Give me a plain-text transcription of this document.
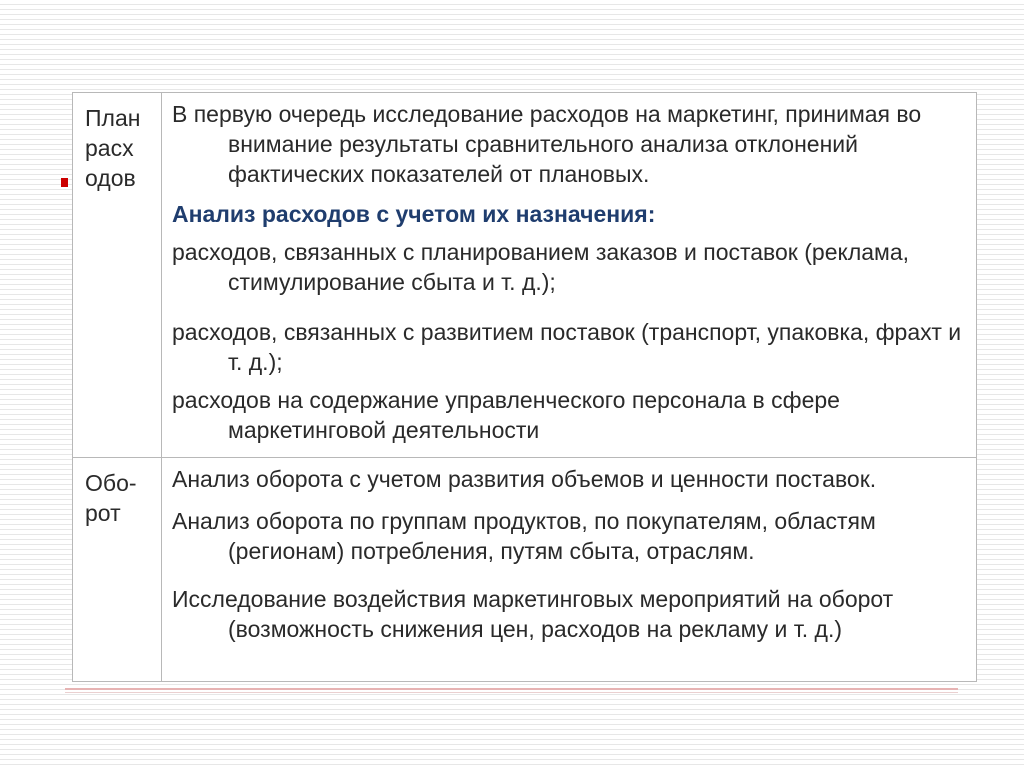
План расх одов	В первую очередь исследование расходов на маркетинг, принимая во внимание результаты сравнительного анализа отклонений фактических показателей от плановых.

Анализ расходов с учетом их назначения:

расходов, связанных с планированием заказов и поставок (реклама, стимулирование сбыта и т. д.);

расходов, связанных с развитием поставок (транспорт, упаковка, фрахт и т. д.);

расходов на содержание управленческого персонала в сфере маркетинговой деятельности

Обо- рот	Анализ оборота с учетом развития объемов и ценности поставок.

Анализ оборота по группам продуктов, по покупателям, областям (регионам) потребления, путям сбыта, отраслям.

Исследование воздействия маркетинговых мероприятий на оборот (возможность снижения цен, расходов на рекламу и т. д.)
